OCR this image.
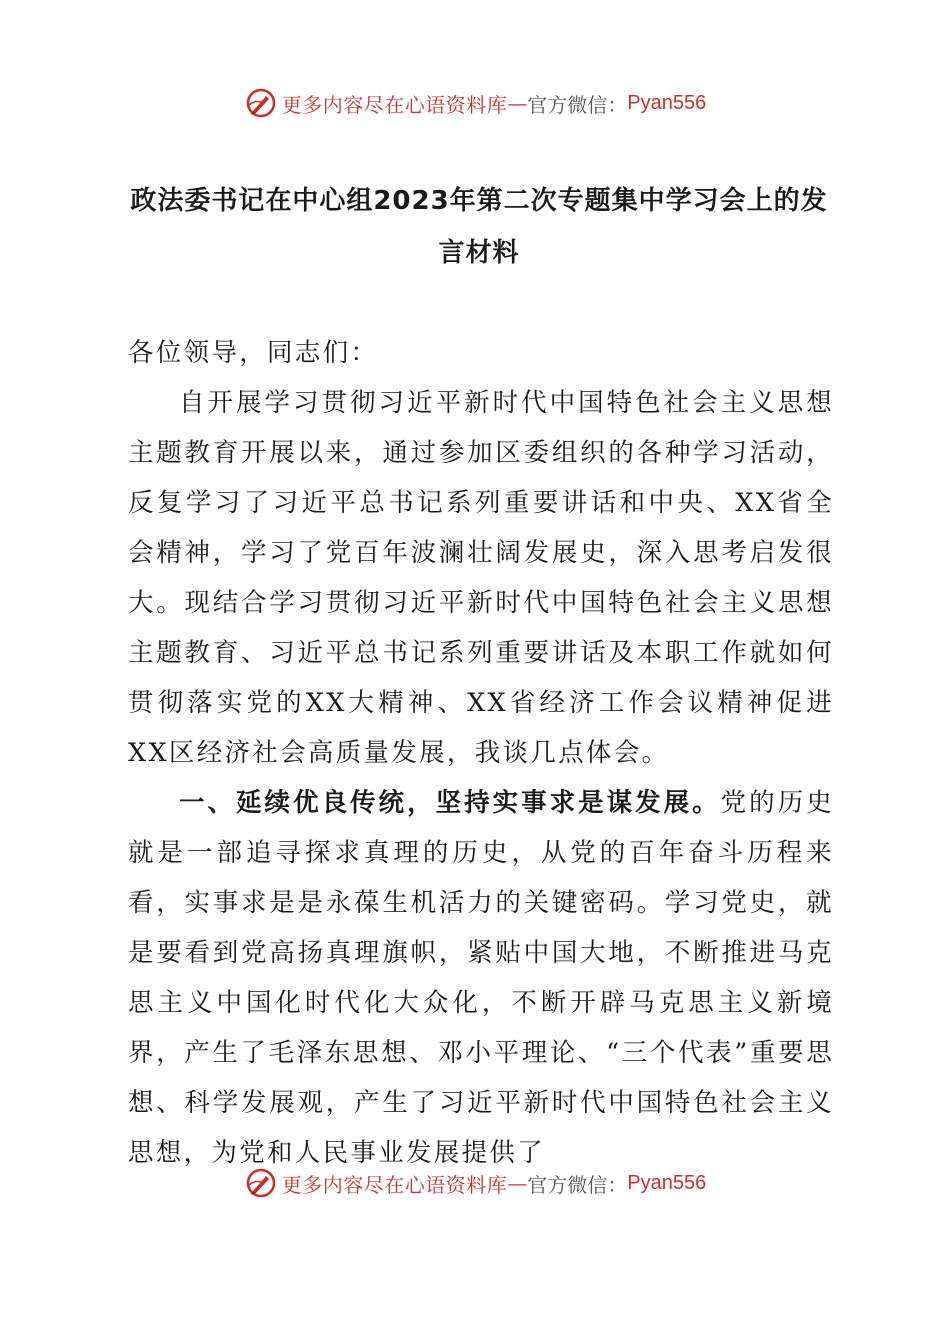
更多内容尽在心语资料库 — 官方微信： Pyan556
政法委书记在中心组2023年第二次专题集中学习会上的发言材料

各位领导，同志们：

自开展学习贯彻习近平新时代中国特色社会主义思想主题教育开展以来，通过参加区委组织的各种学习活动，反复学习了习近平总书记系列重要讲话和中央、XX省全会精神，学习了党百年波澜壮阔发展史，深入思考启发很大。现结合学习贯彻习近平新时代中国特色社会主义思想主题教育、习近平总书记系列重要讲话及本职工作就如何贯彻落实党的XX大精神、XX省经济工作会议精神促进XX区经济社会高质量发展，我谈几点体会。

一、延续优良传统，坚持实事求是谋发展。党的历史就是一部追寻探求真理的历史，从党的百年奋斗历程来看，实事求是是永葆生机活力的关键密码。学习党史，就是要看到党高扬真理旗帜，紧贴中国大地，不断推进马克思主义中国化时代化大众化，不断开辟马克思主义新境界，产生了毛泽东思想、邓小平理论、“三个代表”重要思想、科学发展观，产生了习近平新时代中国特色社会主义思想，为党和人民事业发展提供了

更多内容尽在心语资料库 — 官方微信： Pyan556
